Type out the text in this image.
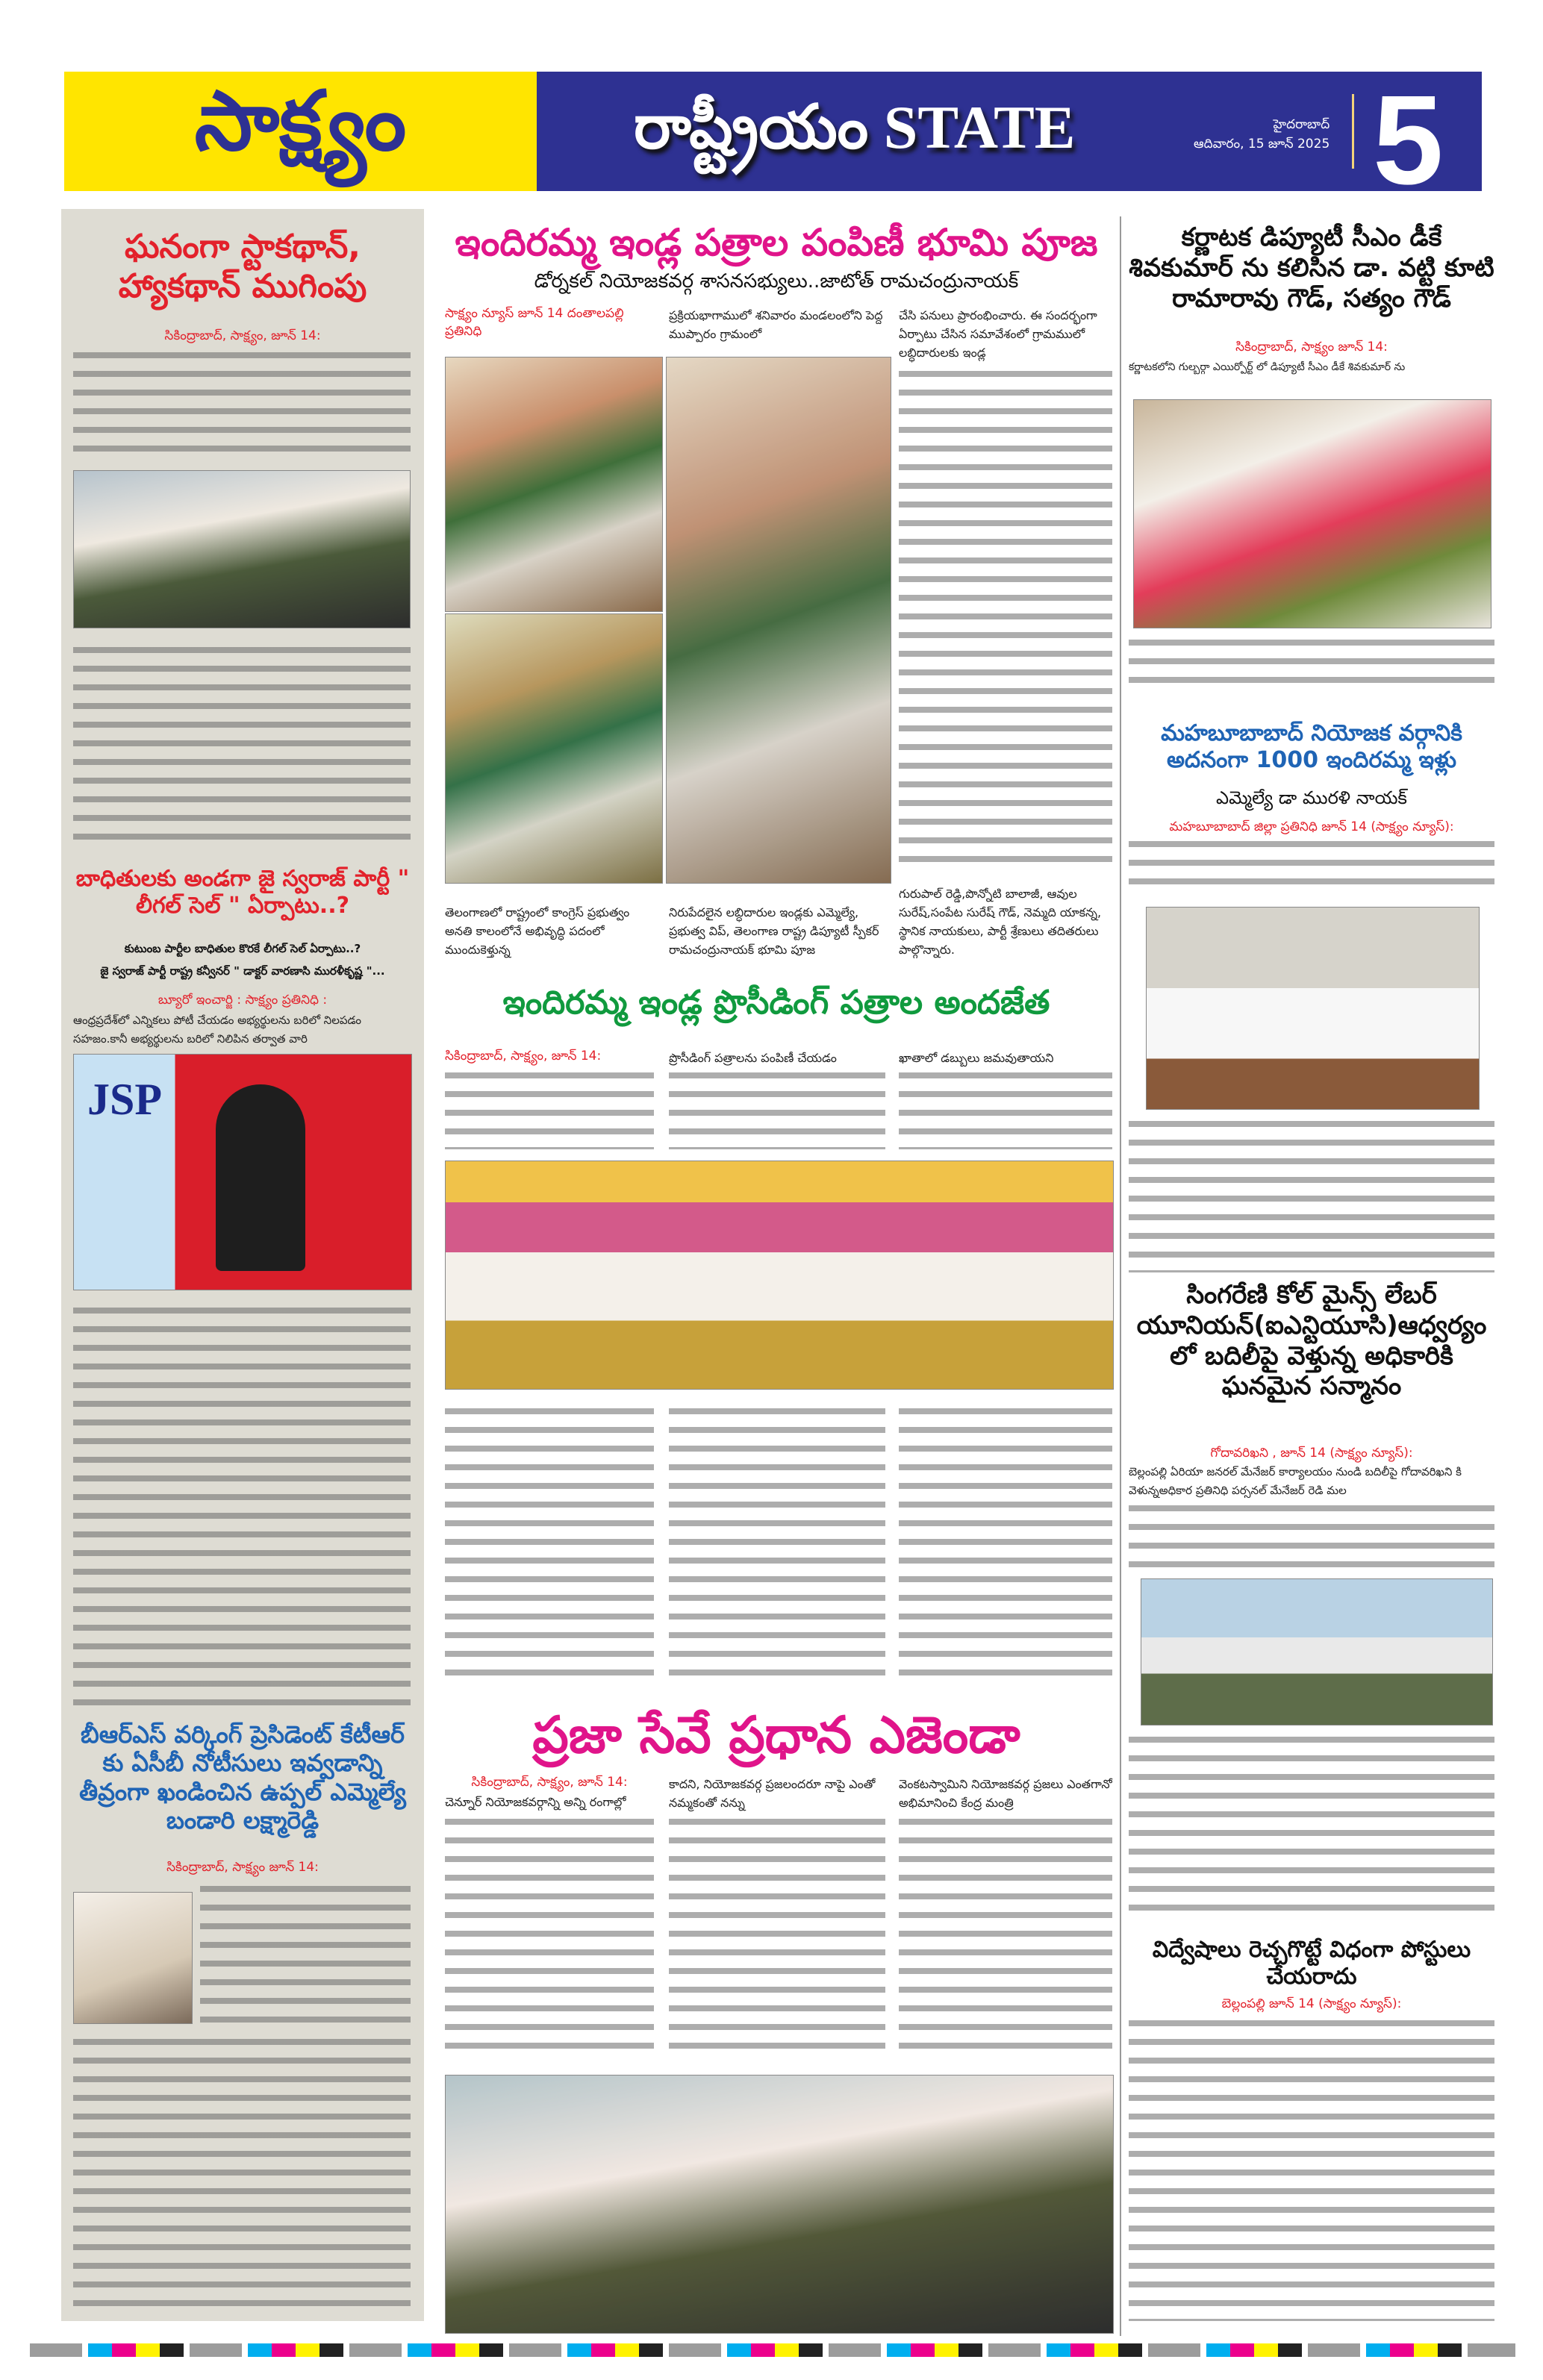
సాక్ష్యం	రాష్ట్రీయం STATE	హైదరాబాద్
ఆదివారం, 15 జూన్ 2025 5
ఘనంగా స్టాకథాన్, హ్యాకథాన్ ముగింపు
సికింద్రాబాద్, సాక్ష్యం, జూన్ 14:
బాధితులకు అండగా జై స్వరాజ్ పార్టీ " లీగల్ సెల్ " ఏర్పాటు..?
కుటుంబ పార్టీల బాధితుల కొరకే లీగల్ సెల్ ఏర్పాటు..?
జై స్వరాజ్ పార్టీ రాష్ట్ర కన్వీనర్ " డాక్టర్ వారణాసి మురళీకృష్ణ "...
బ్యూరో ఇంచార్జి : సాక్ష్యం ప్రతినిధి :
ఆంధ్రప్రదేశ్‌లో ఎన్నికలు పోటీ చేయడం అభ్యర్థులను బరిలో నిలపడం సహజం.కానీ అభ్యర్థులను బరిలో నిలిపిన తర్వాత వారి
JSP
బీఆర్ఎస్ వర్కింగ్ ప్రెసిడెంట్ కేటీఆర్ కు ఏసీబీ నోటీసులు ఇవ్వడాన్ని తీవ్రంగా ఖండించిన ఉప్పల్ ఎమ్మెల్యే బండారి లక్ష్మారెడ్డి
సికింద్రాబాద్, సాక్ష్యం జూన్ 14:
ఇందిరమ్మ ఇండ్ల పత్రాల పంపిణీ భూమి పూజ
డోర్నకల్ నియోజకవర్గ శాసనసభ్యులు..జాటోత్ రామచంద్రునాయక్
సాక్ష్యం న్యూస్ జూన్ 14 దంతాలపల్లి ప్రతినిధి
ప్రక్రియభాగాములో శనివారం మండలంలోని పెద్ద ముప్పారం గ్రామంలో
చేసి పనులు ప్రారంభించారు. ఈ సందర్భంగా ఏర్పాటు చేసిన సమావేశంలో గ్రామములో లబ్ధిదారులకు ఇండ్ల
తెలంగాణలో రాష్ట్రంలో కాంగ్రెస్ ప్రభుత్వం అనతి కాలంలోనే అభివృద్ధి పదంలో ముందుకెళ్తున్న
నిరుపేదలైన లబ్ధిదారుల ఇండ్లకు ఎమ్మెల్యే, ప్రభుత్వ విప్, తెలంగాణ రాష్ట్ర డిప్యూటీ స్పీకర్ రామచంద్రునాయక్ భూమి పూజ
గురుపాల్ రెడ్డి,పొన్నోటి బాలాజీ, ఆవుల సురేష్,సంపేట సురేష్ గౌడ్, నెమ్మది యాకన్న, స్థానిక నాయకులు, పార్టీ శ్రేణులు తదితరులు పాల్గొన్నారు.
ఇందిరమ్మ ఇండ్ల ప్రొసీడింగ్ పత్రాల అందజేత
సికింద్రాబాద్, సాక్ష్యం, జూన్ 14:	ప్రొసీడింగ్ పత్రాలను పంపిణీ చేయడం	ఖాతాలో డబ్బులు జమవుతాయని
ప్రజా సేవే ప్రధాన ఎజెండా
సికింద్రాబాద్, సాక్ష్యం, జూన్ 14:
చెన్నూర్ నియోజకవర్గాన్ని అన్ని రంగాల్లో
కాదని, నియోజకవర్గ ప్రజలందరూ నాపై ఎంతో నమ్మకంతో నన్ను
వెంకటస్వామిని నియోజకవర్గ ప్రజలు ఎంతగానో అభిమానించి కేంద్ర మంత్రి
కర్ణాటక డిప్యూటీ సీఎం డీకే శివకుమార్ ను కలిసిన డా. వట్టి కూటి రామారావు గౌడ్, సత్యం గౌడ్
సికింద్రాబాద్, సాక్ష్యం జూన్ 14:
కర్ణాటకలోని గుల్బర్గా ఎయిర్పోర్ట్ లో డిప్యూటీ సీఎం డీకే శివకుమార్ ను
మహబూబాబాద్ నియోజక వర్గానికి అదనంగా 1000 ఇందిరమ్మ ఇళ్లు
ఎమ్మెల్యే డా మురళి నాయక్
మహబూబాబాద్ జిల్లా ప్రతినిధి జూన్ 14 (సాక్ష్యం న్యూస్):
సింగరేణి కోల్ మైన్స్ లేబర్ యూనియన్(ఐఎన్టియూసి)ఆధ్వర్యం లో బదిలీపై వెళ్తున్న అధికారికి ఘనమైన సన్మానం
గోదావరిఖని , జూన్ 14 (సాక్ష్యం న్యూస్):
బెల్లంపల్లి ఏరియా జనరల్ మేనేజర్ కార్యాలయం నుండి బదిలీపై గోదావరిఖని కి వెళున్నఅధికార ప్రతినిధి పర్సనల్ మేనేజర్ రెడి మల
విద్వేషాలు రెచ్చగొట్టే విధంగా పోస్టులు చేయరాదు
బెల్లంపల్లి జూన్ 14 (సాక్ష్యం న్యూస్):
